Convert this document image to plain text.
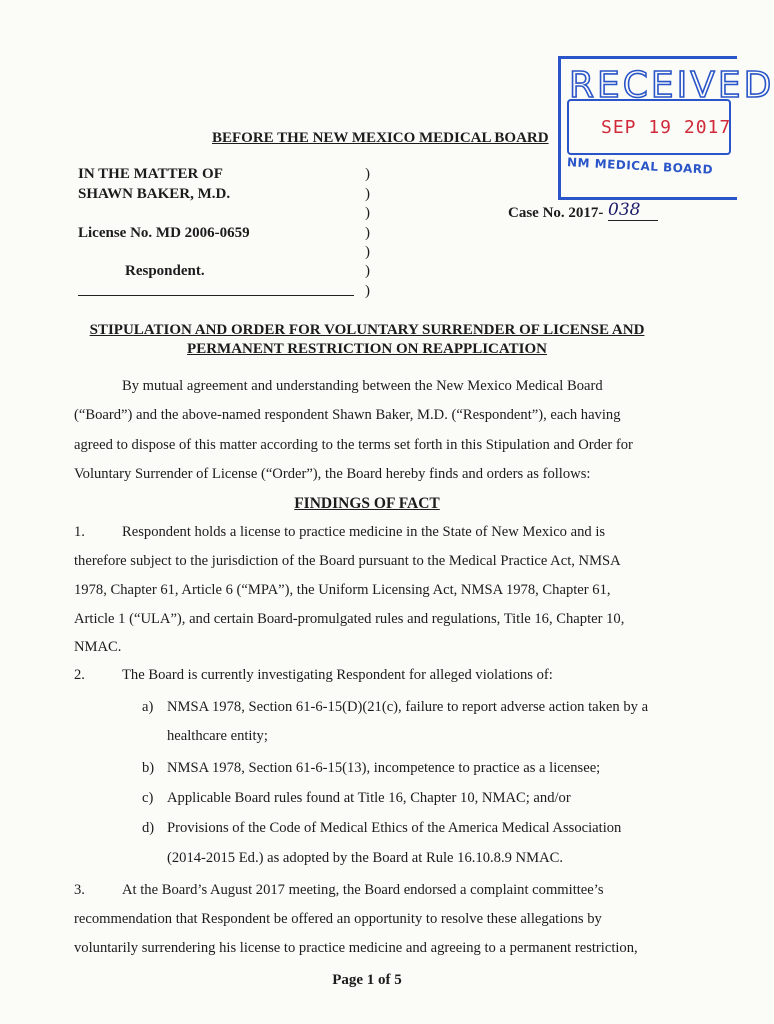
RECEIVED
SEP 19 2017
NM MEDICAL BOARD
BEFORE THE NEW MEXICO MEDICAL BOARD
IN THE MATTER OF
SHAWN BAKER, M.D.
License No. MD 2006-0659
Respondent.
)
)
)
)
)
)
)
Case No. 2017- 038
STIPULATION AND ORDER FOR VOLUNTARY SURRENDER OF LICENSE AND
PERMANENT RESTRICTION ON REAPPLICATION
By mutual agreement and understanding between the New Mexico Medical Board
(“Board”) and the above-named respondent Shawn Baker, M.D. (“Respondent”), each having
agreed to dispose of this matter according to the terms set forth in this Stipulation and Order for
Voluntary Surrender of License (“Order”), the Board hereby finds and orders as follows:
FINDINGS OF FACT
1.	Respondent holds a license to practice medicine in the State of New Mexico and is
therefore subject to the jurisdiction of the Board pursuant to the Medical Practice Act, NMSA
1978, Chapter 61, Article 6 (“MPA”), the Uniform Licensing Act, NMSA 1978, Chapter 61,
Article 1 (“ULA”), and certain Board-promulgated rules and regulations, Title 16, Chapter 10,
NMAC.
2.	The Board is currently investigating Respondent for alleged violations of:
a) NMSA 1978, Section 61-6-15(D)(21(c), failure to report adverse action taken by a
healthcare entity;
b) NMSA 1978, Section 61-6-15(13), incompetence to practice as a licensee;
c) Applicable Board rules found at Title 16, Chapter 10, NMAC; and/or
d) Provisions of the Code of Medical Ethics of the America Medical Association
(2014-2015 Ed.) as adopted by the Board at Rule 16.10.8.9 NMAC.
3.	At the Board’s August 2017 meeting, the Board endorsed a complaint committee’s
recommendation that Respondent be offered an opportunity to resolve these allegations by
voluntarily surrendering his license to practice medicine and agreeing to a permanent restriction,
Page 1 of 5
